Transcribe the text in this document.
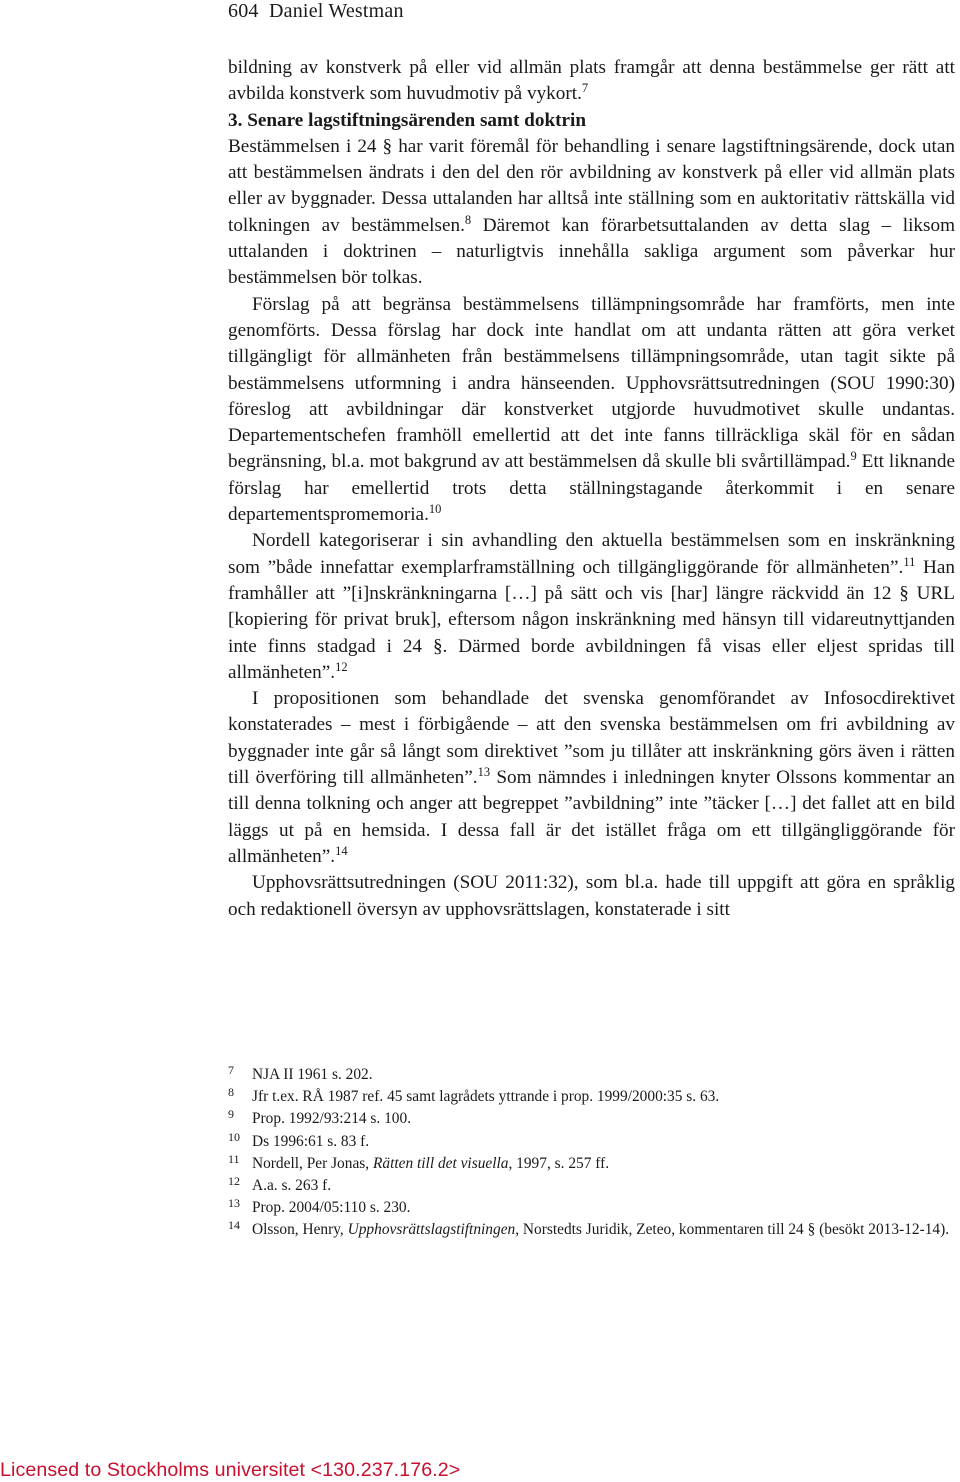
604 Daniel Westman

bildning av konstverk på eller vid allmän plats framgår att denna bestämmelse ger rätt att avbilda konstverk som huvudmotiv på vykort.$^7$

3. Senare lagstiftningsärenden samt doktrin

Bestämmelsen i 24 § har varit föremål för behandling i senare lagstiftningsärende, dock utan att bestämmelsen ändrats i den del den rör avbildning av konstverk på eller vid allmän plats eller av byggnader. Dessa uttalanden har alltså inte ställning som en auktoritativ rättskälla vid tolkningen av bestämmelsen.$^8$ Däremot kan förarbetsuttalanden av detta slag – liksom uttalanden i doktrinen – naturligtvis innehålla sakliga argument som påverkar hur bestämmelsen bör tolkas.

Förslag på att begränsa bestämmelsens tillämpningsområde har framförts, men inte genomförts. Dessa förslag har dock inte handlat om att undanta rätten att göra verket tillgängligt för allmänheten från bestämmelsens tillämpningsområde, utan tagit sikte på bestämmelsens utformning i andra hänseenden. Upphovsrättsutredningen (SOU 1990:30) föreslog att avbildningar där konstverket utgjorde huvudmotivet skulle undantas. Departementschefen framhöll emellertid att det inte fanns tillräckliga skäl för en sådan begränsning, bl.a. mot bakgrund av att bestämmelsen då skulle bli svårtillämpad.$^9$ Ett liknande förslag har emellertid trots detta ställningstagande återkommit i en senare departementspromemoria.$^{10}$

Nordell kategoriserar i sin avhandling den aktuella bestämmelsen som en inskränkning som ”både innefattar exemplarframställning och tillgängliggörande för allmänheten”.$^{11}$ Han framhåller att ”[i]nskränkningarna […] på sätt och vis [har] längre räckvidd än 12 § URL [kopiering för privat bruk], eftersom någon inskränkning med hänsyn till vidareutnyttjanden inte finns stadgad i 24 §. Därmed borde avbildningen få visas eller eljest spridas till allmänheten”.$^{12}$

I propositionen som behandlade det svenska genomförandet av Infosocdirektivet konstaterades – mest i förbigående – att den svenska bestämmelsen om fri avbildning av byggnader inte går så långt som direktivet ”som ju tillåter att inskränkning görs även i rätten till överföring till allmänheten”.$^{13}$ Som nämndes i inledningen knyter Olssons kommentar an till denna tolkning och anger att begreppet ”avbildning” inte ”täcker […] det fallet att en bild läggs ut på en hemsida. I dessa fall är det istället fråga om ett tillgängliggörande för allmänheten”.$^{14}$

Upphovsrättsutredningen (SOU 2011:32), som bl.a. hade till uppgift att göra en språklig och redaktionell översyn av upphovsrättslagen, konstaterade i sitt

7	NJA II 1961 s. 202.
8	Jfr t.ex. RÅ 1987 ref. 45 samt lagrådets yttrande i prop. 1999/2000:35 s. 63.
9	Prop. 1992/93:214 s. 100.
10 Ds 1996:61 s. 83 f.
11 Nordell, Per Jonas, Rätten till det visuella, 1997, s. 257 ff.
12 A.a. s. 263 f.
13 Prop. 2004/05:110 s. 230.
14 Olsson, Henry, Upphovsrättslagstiftningen, Norstedts Juridik, Zeteo, kommentaren till 24 § (besökt 2013-12-14).
Licensed to Stockholms universitet <130.237.176.2>
